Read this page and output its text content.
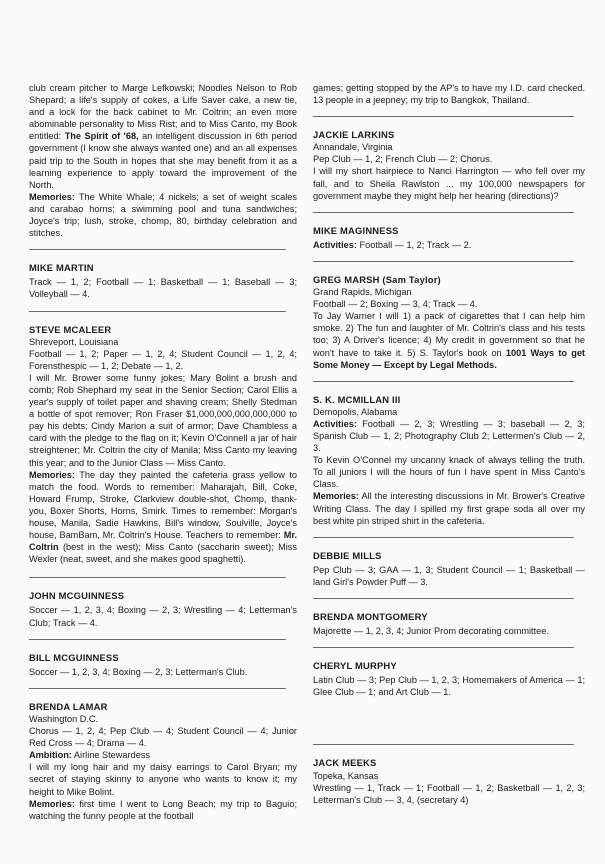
club cream pitcher to Marge Lefkowski; Noodles Nelson to Rob Shepard; a life's supply of cokes, a Life Saver cake, a new tie, and a lock for the back cabinet to Mr. Coltrin; an even more abominable personality to Miss Rist; and to Miss Canto, my Book entitled: The Spirit of '68, an intelligent discussion in 6th period government (I know she always wanted one) and an all expenses paid trip to the South in hopes that she may benefit from it as a learning experience to apply toward the improvement of the North.

Memories: The White Whale; 4 nickels; a set of weight scales and carabao horns; a swimming pool and tuna sandwiches; Joyce's trip; lush, stroke, chomp, 80, birthday celebration and stitches.

MIKE MARTIN

Track — 1, 2; Football — 1; Basketball — 1; Baseball — 3; Volleyball — 4.

STEVE MCALEER

Shreveport, Louisiana

Football — 1, 2; Paper — 1, 2, 4; Student Council — 1, 2, 4; Forensthespic — 1, 2; Debate — 1, 2.

I will Mr. Brower some funny jokes; Mary Bolint a brush and comb; Rob Shephard my seat in the Senior Section; Carol Ellis a year's supply of toilet paper and shaving cream; Shelly Stedman a bottle of spot remover; Ron Fraser $1,000,000,000,000,000 to pay his debts; Cindy Marion a suit of armor; Dave Chambless a card with the pledge to the flag on it; Kevin O'Connell a jar of hair streightener; Mr. Coltrin the city of Manila; Miss Canto my leaving this year; and to the Junior Class — Miss Canto.

Memories: The day they painted the cafeteria grass yellow to match the food. Words to remember: Maharajah, Bill, Coke, Howard Frump, Stroke, Clarkview double-shot, Chomp, thank-you, Boxer Shorts, Horns, Smirk. Times to remember: Morgan's house, Manila, Sadie Hawkins, Bill's window, Soulville, Joyce's house, BamBam, Mr. Coltrin's House. Teachers to remember: Mr. Coltrin (best in the west); Miss Canto (saccharin sweet); Miss Wexler (neat, sweet, and she makes good spaghetti).

JOHN MCGUINNESS

Soccer — 1, 2, 3, 4; Boxing — 2, 3; Wrestling — 4; Letterman's Club; Track — 4.

BILL MCGUINNESS

Soccer — 1, 2, 3, 4; Boxing — 2, 3; Letterman's Club.

BRENDA LAMAR

Washington D.C.

Chorus — 1, 2, 4; Pep Club — 4; Student Council — 4; Junior Red Cross — 4; Drama — 4.

Ambition: Airline Stewardess

I will my long hair and my daisy earrings to Carol Bryan; my secret of staying skinny to anyone who wants to know it; my height to Mike Bolint.

Memories: first time I went to Long Beach; my trip to Baguio; watching the funny people at the football

games; getting stopped by the AP's to have my I.D. card checked. 13 people in a jeepney; my trip to Bangkok, Thailand.

JACKIE LARKINS

Annandale, Virginia

Pep Club — 1, 2; French Club — 2; Chorus.

I will my short hairpiece to Nanci Harrington — who fell over my fall, and to Sheila Rawlston ... my 100,000 newspapers for government maybe they might help her hearing (directions)?

MIKE MAGINNESS

Activities: Football — 1, 2; Track — 2.

GREG MARSH (Sam Taylor)

Grand Rapids, Michigan

Football — 2; Boxing — 3, 4; Track — 4.

To Jay Warner I will 1) a pack of cigarettes that I can help him smoke. 2) The fun and laughter of Mr. Coltrin's class and his tests too; 3) A Driver's licence; 4) My credit in government so that he won't have to take it. 5) S. Taylor's book on 1001 Ways to get Some Money — Except by Legal Methods.

S. K. MCMILLAN III

Demopolis, Alabama

Activities: Football — 2, 3; Wrestling — 3; baseball — 2, 3; Spanish Club — 1, 2; Photography Club 2; Lettermen's Club — 2, 3.

To Kevin O'Connel my uncanny knack of always telling the truth. To all juniors I will the hours of fun I have spent in Miss Canto's Class.

Memories: All the interesting discussions in Mr. Brower's Creative Writing Class. The day I spilled my first grape soda all over my best white pin striped shirt in the cafeteria.

DEBBIE MILLS

Pep Club — 3; GAA — 1, 3; Student Council — 1; Basketball — land Girl's Powder Puff — 3.

BRENDA MONTGOMERY

Majorette — 1, 2, 3, 4; Junior Prom decorating committee.

CHERYL MURPHY

Latin Club — 3; Pep Club — 1, 2, 3; Homemakers of America — 1; Glee Club — 1; and Art Club — 1.

JACK MEEKS

Topeka, Kansas

Wrestling — 1, Track — 1; Football — 1, 2; Basketball — 1, 2, 3; Letterman's Club — 3, 4, (secretary 4)
